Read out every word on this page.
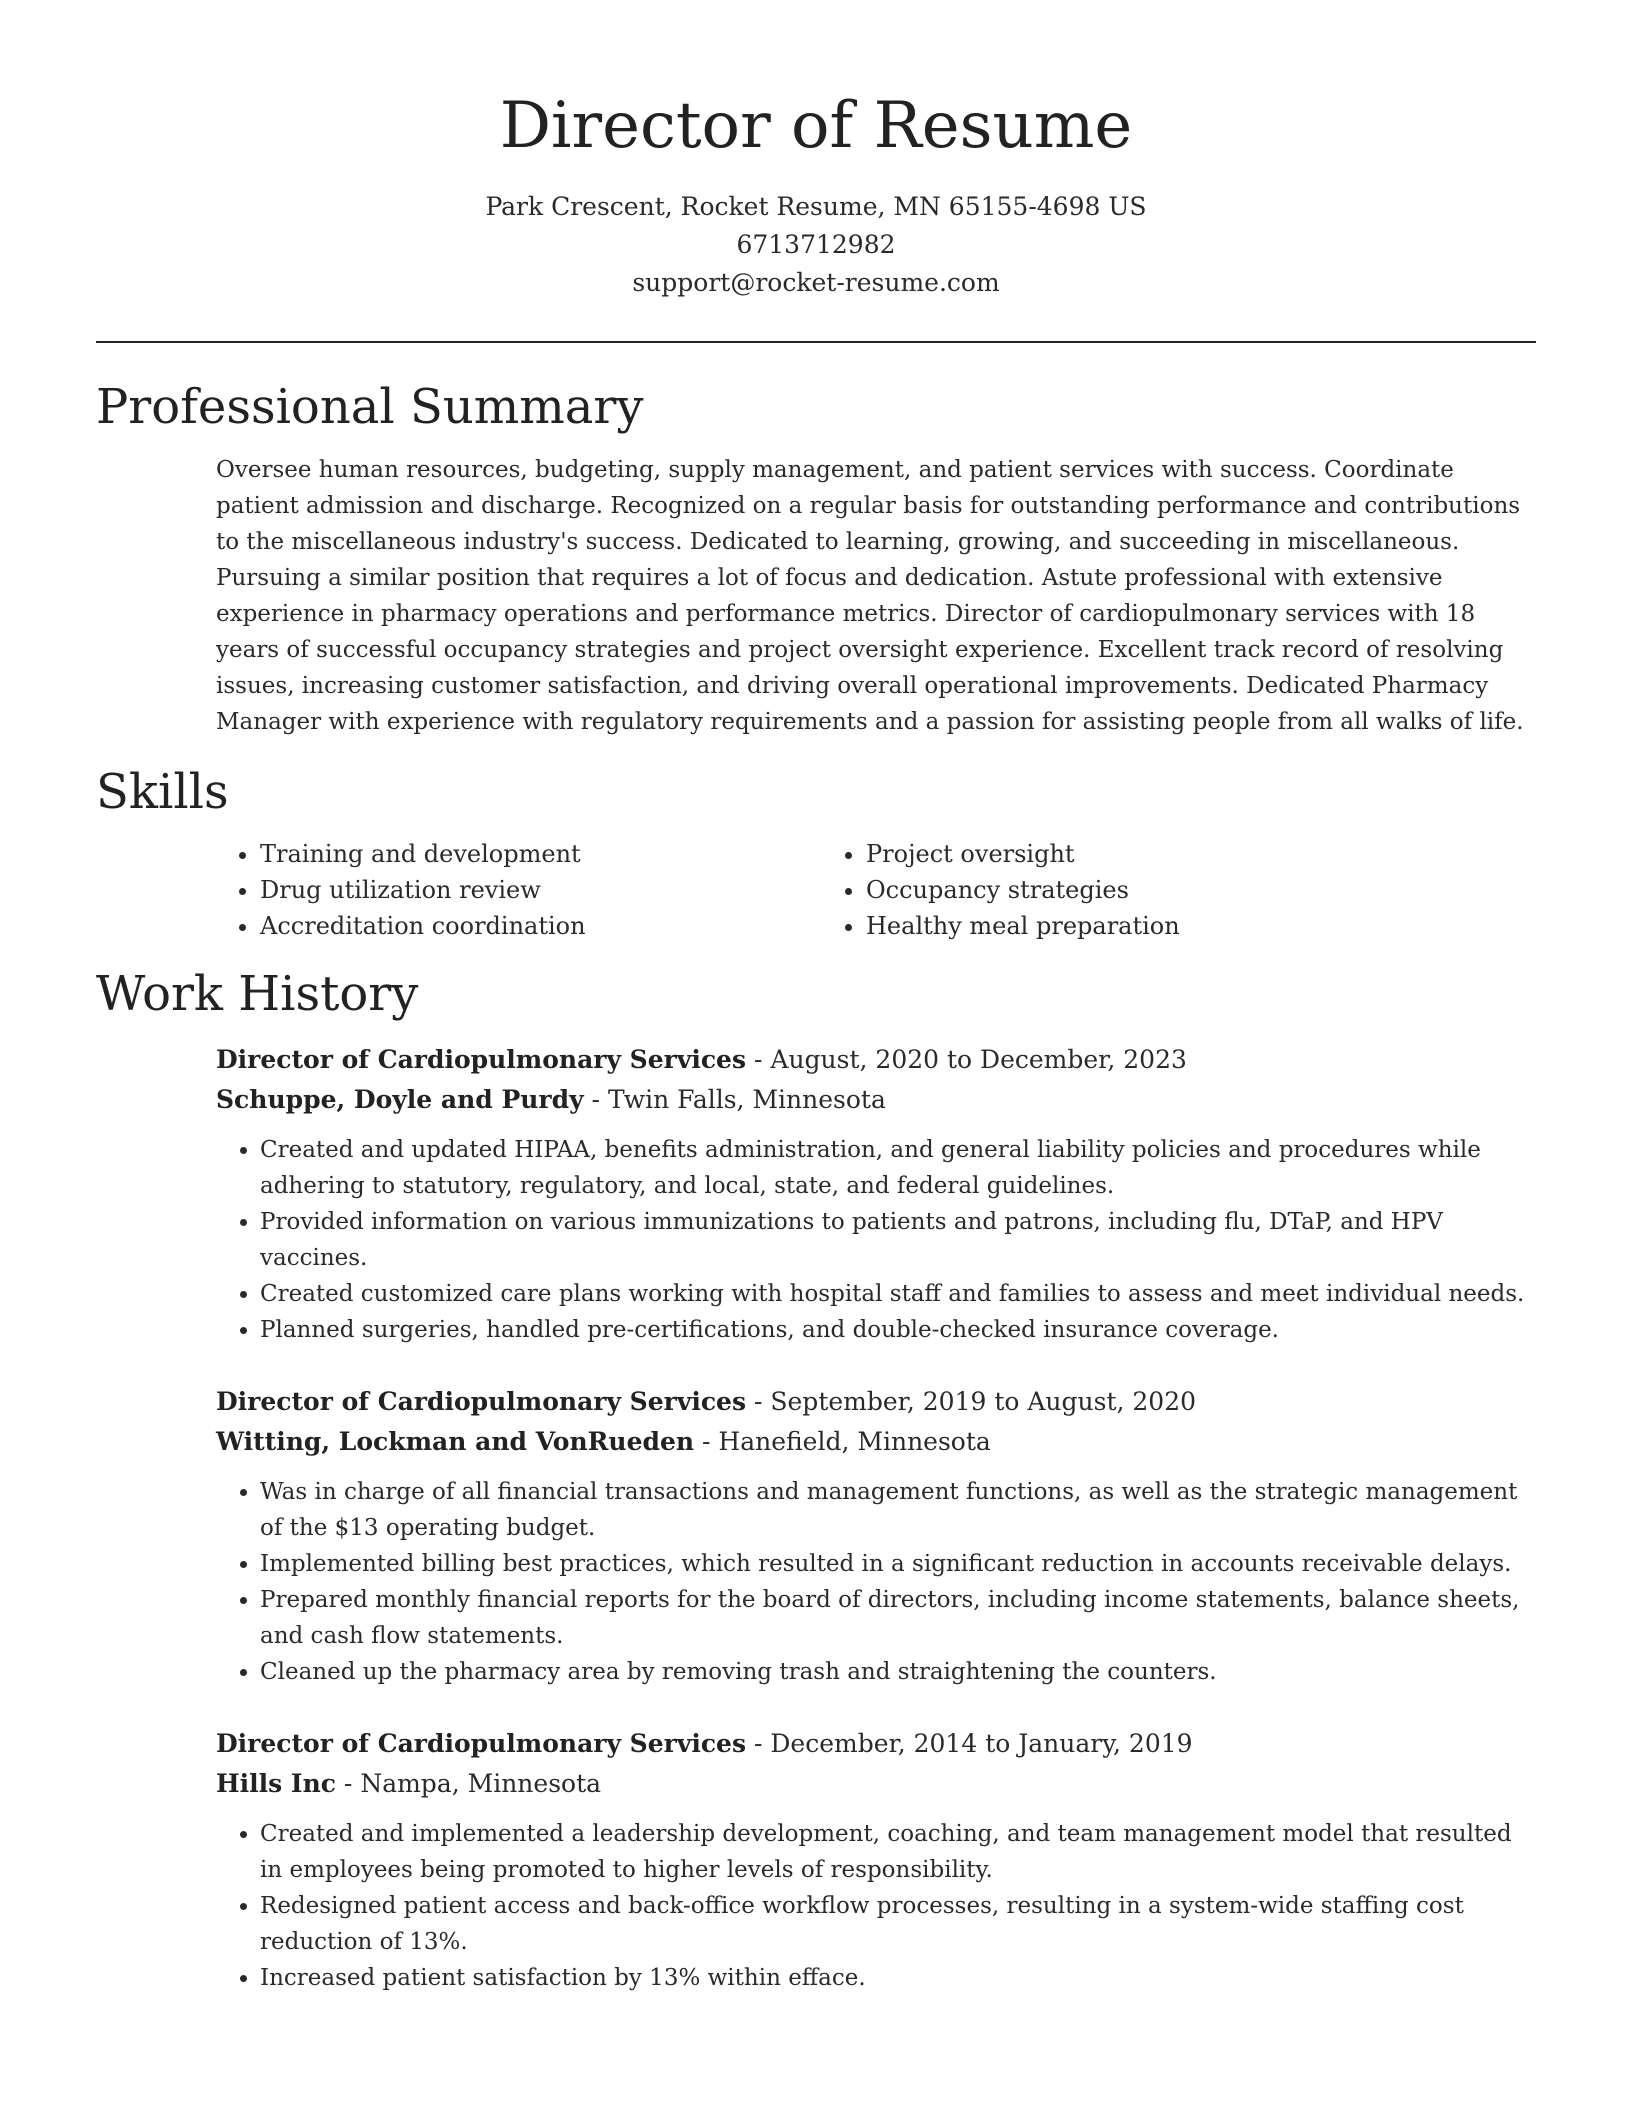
Director of Resume
Park Crescent, Rocket Resume, MN 65155-4698 US
6713712982
support@rocket-resume.com
Professional Summary

Oversee human resources, budgeting, supply management, and patient services with success. Coordinate patient admission and discharge. Recognized on a regular basis for outstanding performance and contributions to the miscellaneous industry's success. Dedicated to learning, growing, and succeeding in miscellaneous. Pursuing a similar position that requires a lot of focus and dedication. Astute professional with extensive experience in pharmacy operations and performance metrics. Director of cardiopulmonary services with 18 years of successful occupancy strategies and project oversight experience. Excellent track record of resolving issues, increasing customer satisfaction, and driving overall operational improvements. Dedicated Pharmacy Manager with experience with regulatory requirements and a passion for assisting people from all walks of life.

Skills
• Training and development
• Drug utilization review
• Accreditation coordination
• Project oversight
• Occupancy strategies
• Healthy meal preparation
Work History
Director of Cardiopulmonary Services - August, 2020 to December, 2023
Schuppe, Doyle and Purdy - Twin Falls, Minnesota
• Created and updated HIPAA, benefits administration, and general liability policies and procedures while adhering to statutory, regulatory, and local, state, and federal guidelines.
• Provided information on various immunizations to patients and patrons, including flu, DTaP, and HPV vaccines.
• Created customized care plans working with hospital staff and families to assess and meet individual needs.
• Planned surgeries, handled pre-certifications, and double-checked insurance coverage.
Director of Cardiopulmonary Services - September, 2019 to August, 2020
Witting, Lockman and VonRueden - Hanefield, Minnesota
• Was in charge of all financial transactions and management functions, as well as the strategic management of the $13 operating budget.
• Implemented billing best practices, which resulted in a significant reduction in accounts receivable delays.
• Prepared monthly financial reports for the board of directors, including income statements, balance sheets, and cash flow statements.
• Cleaned up the pharmacy area by removing trash and straightening the counters.
Director of Cardiopulmonary Services - December, 2014 to January, 2019
Hills Inc - Nampa, Minnesota
• Created and implemented a leadership development, coaching, and team management model that resulted in employees being promoted to higher levels of responsibility.
• Redesigned patient access and back-office workflow processes, resulting in a system-wide staffing cost reduction of 13%.
• Increased patient satisfaction by 13% within efface.
